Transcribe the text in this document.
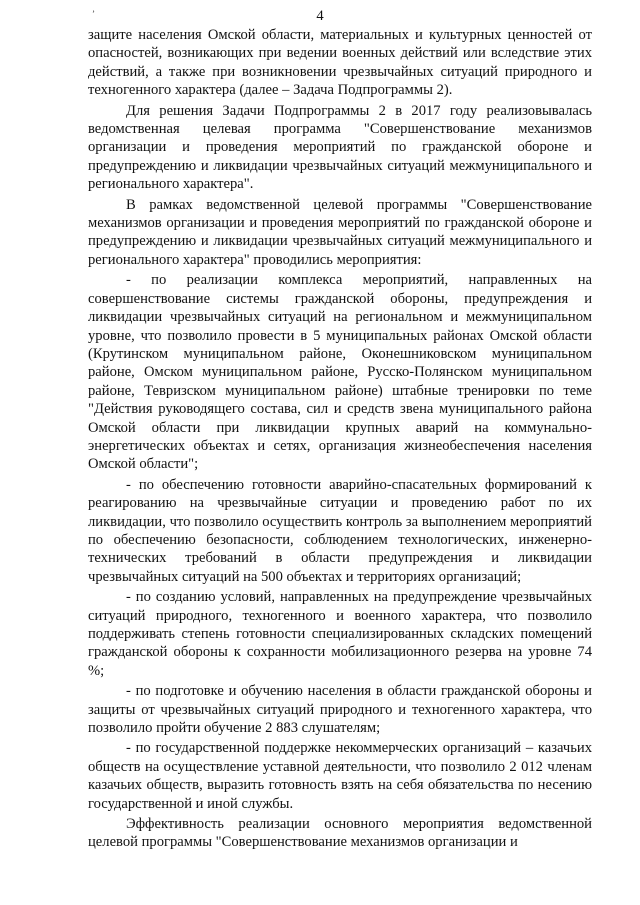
’	4

защите населения Омской области, материальных и культурных ценностей от опасностей, возникающих при ведении военных действий или вследствие этих действий, а также при возникновении чрезвычайных ситуаций природного и техногенного характера (далее – Задача Подпрограммы 2).

Для решения Задачи Подпрограммы 2 в 2017 году реализовывалась ведомственная целевая программа "Совершенствование механизмов организации и проведения мероприятий по гражданской обороне и предупреждению и ликвидации чрезвычайных ситуаций межмуниципального и регионального характера".

В рамках ведомственной целевой программы "Совершенствование механизмов организации и проведения мероприятий по гражданской обороне и предупреждению и ликвидации чрезвычайных ситуаций межмуниципального и регионального характера" проводились мероприятия:

- по реализации комплекса мероприятий, направленных на совершенствование системы гражданской обороны, предупреждения и ликвидации чрезвычайных ситуаций на региональном и межмуниципальном уровне, что позволило провести в 5 муниципальных районах Омской области (Крутинском муниципальном районе, Оконешниковском муниципальном районе, Омском муниципальном районе, Русско-Полянском муниципальном районе, Тевризском муниципальном районе) штабные тренировки по теме "Действия руководящего состава, сил и средств звена муниципального района Омской области при ликвидации крупных аварий на коммунально-энергетических объектах и сетях, организация жизнеобеспечения населения Омской области";

- по обеспечению готовности аварийно-спасательных формирований к реагированию на чрезвычайные ситуации и проведению работ по их ликвидации, что позволило осуществить контроль за выполнением мероприятий по обеспечению безопасности, соблюдением технологических, инженерно-технических требований в области предупреждения и ликвидации чрезвычайных ситуаций на 500 объектах и территориях организаций;

- по созданию условий, направленных на предупреждение чрезвычайных ситуаций природного, техногенного и военного характера, что позволило поддерживать степень готовности специализированных складских помещений гражданской обороны к сохранности мобилизационного резерва на уровне 74 %;

- по подготовке и обучению населения в области гражданской обороны и защиты от чрезвычайных ситуаций природного и техногенного характера, что позволило пройти обучение 2 883 слушателям;

- по государственной поддержке некоммерческих организаций – казачьих обществ на осуществление уставной деятельности, что позволило 2 012 членам казачьих обществ, выразить готовность взять на себя обязательства по несению государственной и иной службы.

Эффективность реализации основного мероприятия ведомственной целевой программы "Совершенствование механизмов организации и
